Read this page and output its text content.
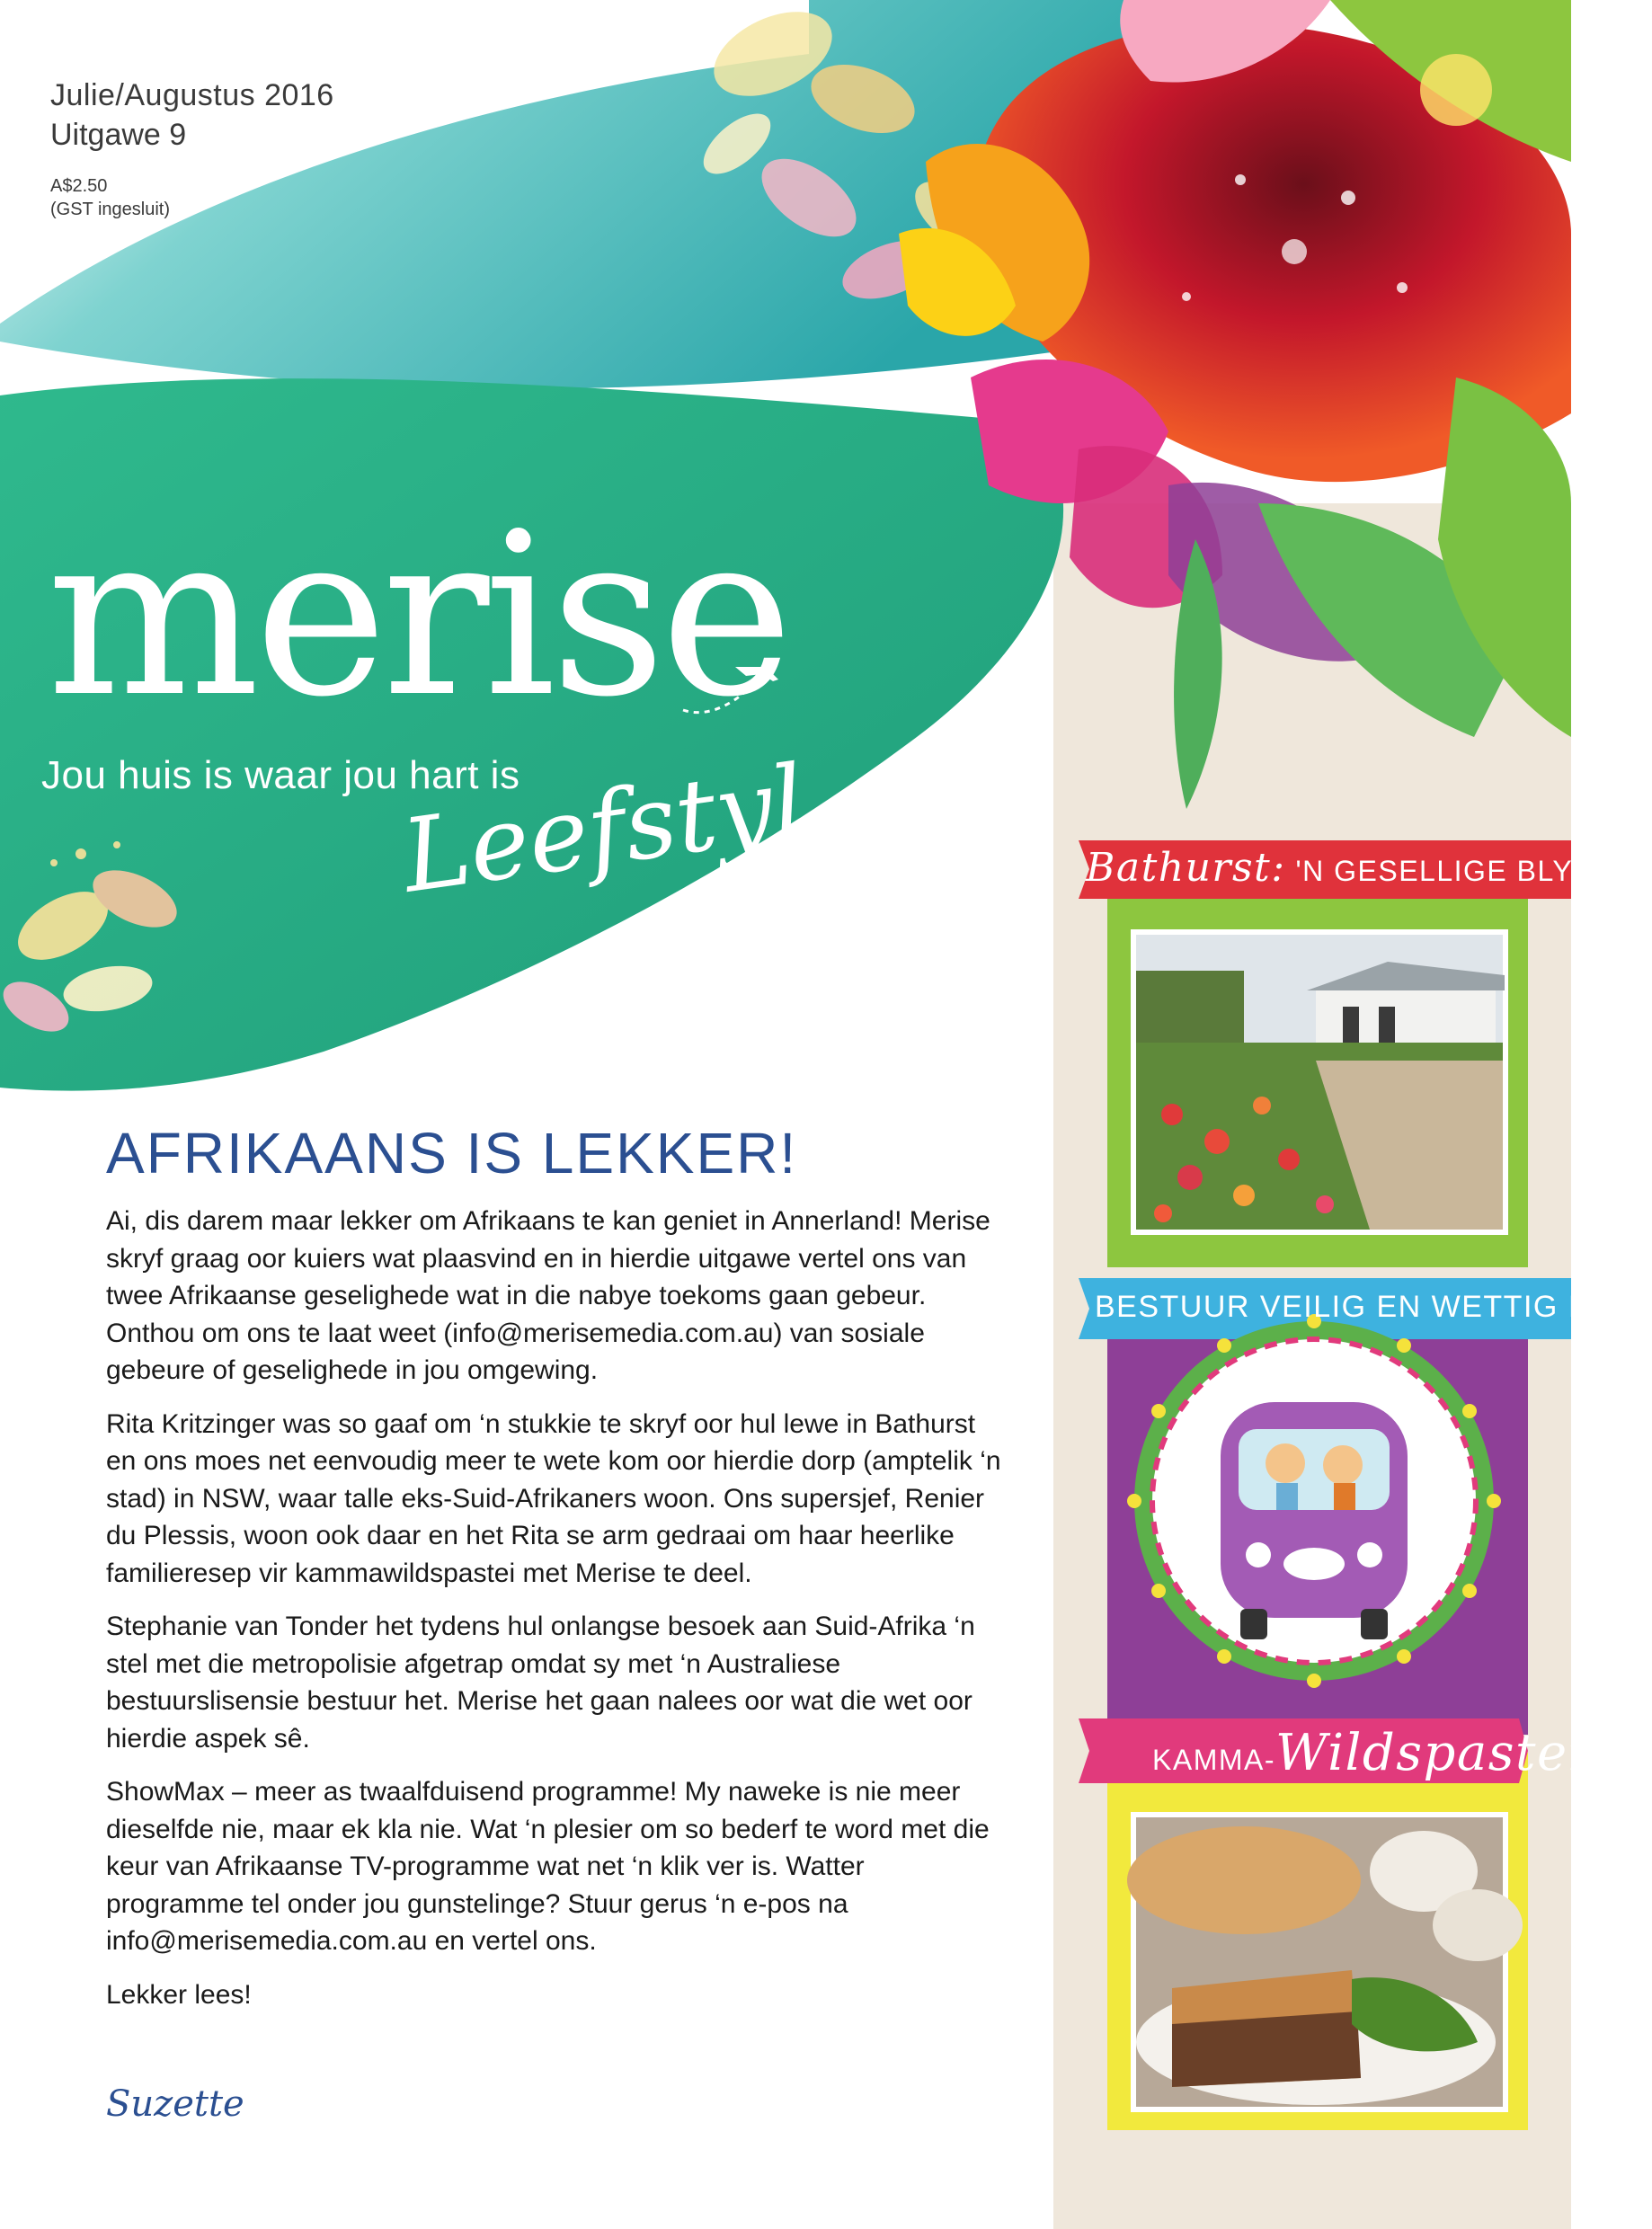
Julie/Augustus 2016
Uitgawe 9
A$2.50
(GST ingesluit)
merise
Jou huis is waar jou hart is
Leefstyl
AFRIKAANS IS LEKKER!

Ai, dis darem maar lekker om Afrikaans te kan geniet in Annerland! Merise skryf graag oor kuiers wat plaasvind en in hierdie uitgawe vertel ons van twee Afrikaanse geselighede wat in die nabye toekoms gaan gebeur. Onthou om ons te laat weet (info@merisemedia.com.au) van sosiale gebeure of geselighede in jou omgewing.

Rita Kritzinger was so gaaf om ‘n stukkie te skryf oor hul lewe in Bathurst en ons moes net eenvoudig meer te wete kom oor hierdie dorp (amptelik ‘n stad) in NSW, waar talle eks-Suid-Afrikaners woon. Ons supersjef, Renier du Plessis, woon ook daar en het Rita se arm gedraai om haar heerlike familieresep vir kammawildspastei met Merise te deel.

Stephanie van Tonder het tydens hul onlangse besoek aan Suid-Afrika ‘n stel met die metropolisie afgetrap omdat sy met ‘n Australiese bestuurslisensie bestuur het. Merise het gaan nalees oor wat die wet oor hierdie aspek sê.

ShowMax – meer as twaalfduisend programme! My naweke is nie meer dieselfde nie, maar ek kla nie. Wat ‘n plesier om so bederf te word met die keur van Afrikaanse TV-programme wat net ‘n klik ver is. Watter programme tel onder jou gunstelinge? Stuur gerus ‘n e-pos na info@merisemedia.com.au en vertel ons.

Lekker lees!

Suzette
Bathurst: 'N GESELLIGE BLYPLEK
BESTUUR VEILIG EN WETTIG IN
KAMMA-Wildspastei
